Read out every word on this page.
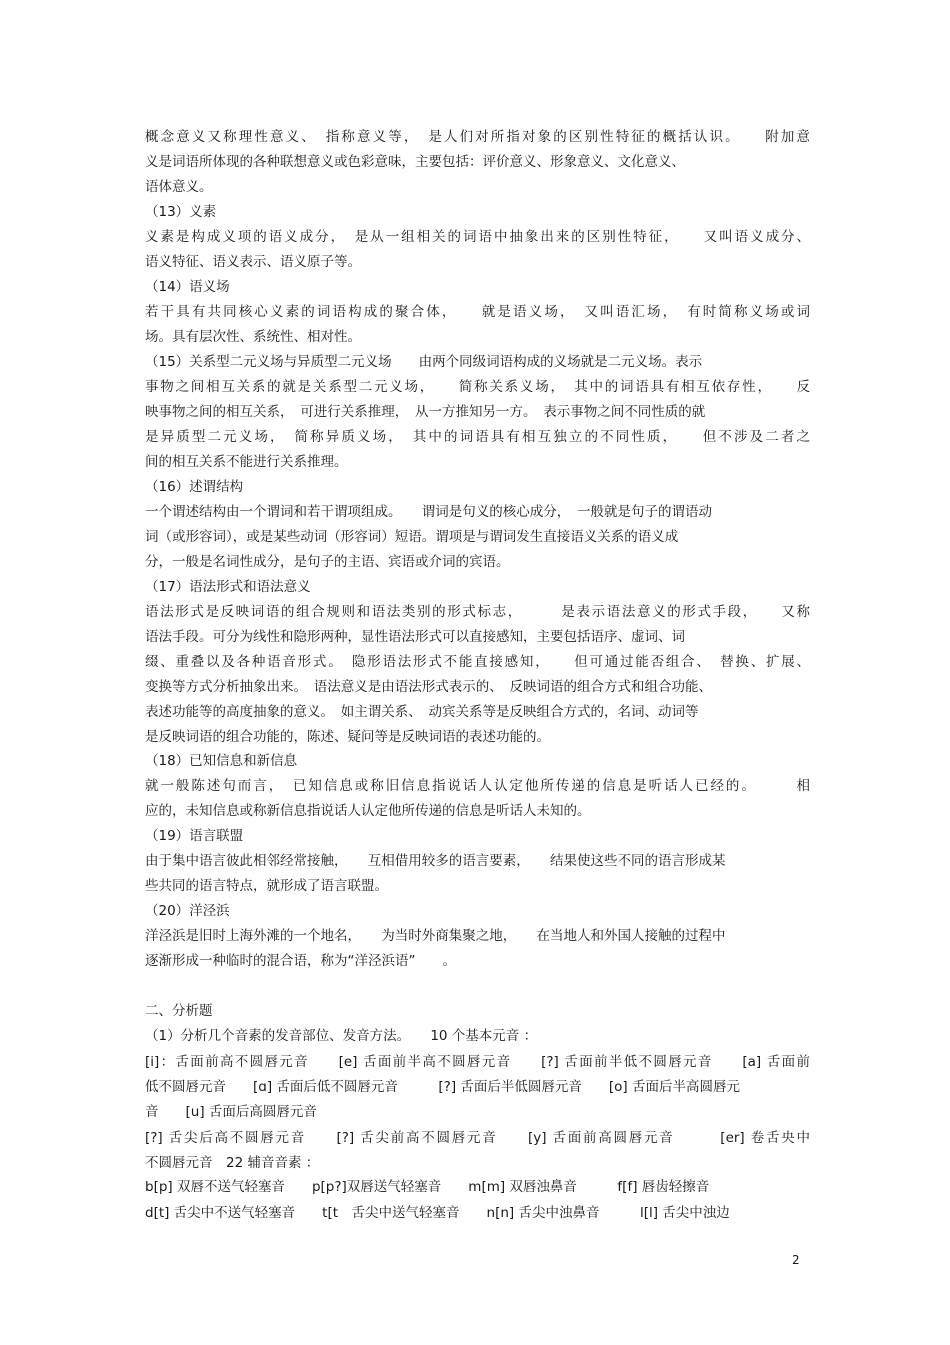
概念意义又称理性意义、　指称意义等，　是人们对所指对象的区别性特征的概括认识。　　附加意
义是词语所体现的各种联想意义或色彩意味，主要包括：评价意义、形象意义、文化意义、
语体意义。
（13）义素
义素是构成义项的语义成分，　是从一组相关的词语中抽象出来的区别性特征，　　又叫语义成分、
语义特征、语义表示、语义原子等。
（14）语义场
若干具有共同核心义素的词语构成的聚合体，　　就是语义场，　又叫语汇场，　有时简称义场或词
场。具有层次性、系统性、相对性。
（15）关系型二元义场与异质型二元义场　　由两个同级词语构成的义场就是二元义场。表示
事物之间相互关系的就是关系型二元义场，　　简称关系义场，　其中的词语具有相互依存性，　　反
映事物之间的相互关系，　可进行关系推理，　从一方推知另一方。　表示事物之间不同性质的就
是异质型二元义场，　简称异质义场，　其中的词语具有相互独立的不同性质，　　但不涉及二者之
间的相互关系不能进行关系推理。
（16）述谓结构
一个谓述结构由一个谓词和若干谓项组成。　　谓词是句义的核心成分，　一般就是句子的谓语动
词（或形容词），或是某些动词（形容词）短语。谓项是与谓词发生直接语义关系的语义成
分，一般是名词性成分，是句子的主语、宾语或介词的宾语。
（17）语法形式和语法意义
语法形式是反映词语的组合规则和语法类别的形式标志，　　　是表示语法意义的形式手段，　　又称
语法手段。可分为线性和隐形两种，显性语法形式可以直接感知，主要包括语序、虚词、词
缀、重叠以及各种语音形式。　隐形语法形式不能直接感知，　　但可通过能否组合、　替换、扩展、
变换等方式分析抽象出来。　语法意义是由语法形式表示的、　反映词语的组合方式和组合功能、
表述功能等的高度抽象的意义。　如主谓关系、　动宾关系等是反映组合方式的，名词、动词等
是反映词语的组合功能的，陈述、疑问等是反映词语的表述功能的。
（18）已知信息和新信息
就一般陈述句而言，　已知信息或称旧信息指说话人认定他所传递的信息是听话人已经的。　　　相
应的，未知信息或称新信息指说话人认定他所传递的信息是听话人未知的。
（19）语言联盟
由于集中语言彼此相邻经常接触，　　互相借用较多的语言要素，　　结果使这些不同的语言形成某
些共同的语言特点，就形成了语言联盟。
（20）洋泾浜
洋泾浜是旧时上海外滩的一个地名，　　为当时外商集聚之地，　　在当地人和外国人接触的过程中
逐渐形成一种临时的混合语，称为“洋泾浜语”　　。
二、分析题
（1）分析几个音素的发音部位、发音方法。　　10 个基本元音 ：
[i]：舌面前高不圆唇元音　　[e] 舌面前半高不圆唇元音　　[?] 舌面前半低不圆唇元音　　[a] 舌面前
低不圆唇元音　　[ɑ] 舌面后低不圆唇元音　　　[?] 舌面后半低圆唇元音　　[o] 舌面后半高圆唇元
音　　[u] 舌面后高圆唇元音
[?] 舌尖后高不圆唇元音　　[?] 舌尖前高不圆唇元音　　[y] 舌面前高圆唇元音　　　[er] 卷舌央中
不圆唇元音　22 辅音音素 ：
b[p] 双唇不送气轻塞音　　p[p?]双唇送气轻塞音　　m[m] 双唇浊鼻音　　　f[f] 唇齿轻擦音
d[t] 舌尖中不送气轻塞音　　t[t　舌尖中送气轻塞音　　n[n] 舌尖中浊鼻音　　　l[l] 舌尖中浊边
2
